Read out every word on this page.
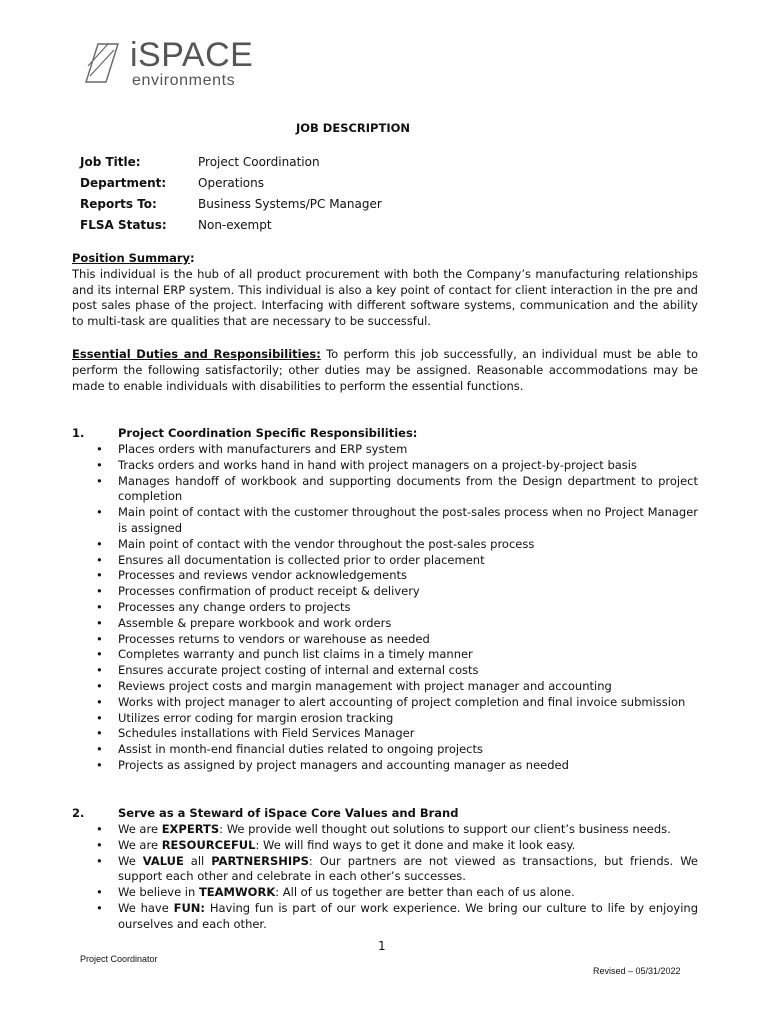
iSPACE
environments
JOB DESCRIPTION
Job Title:	Project Coordination
Department:	Operations
Reports To:	Business Systems/PC Manager
FLSA Status:	Non-exempt
Position Summary:
This individual is the hub of all product procurement with both the Company’s manufacturing relationships and its internal ERP system. This individual is also a key point of contact for client interaction in the pre and post sales phase of the project. Interfacing with different software systems, communication and the ability to multi-task are qualities that are necessary to be successful.
Essential Duties and Responsibilities: To perform this job successfully, an individual must be able to perform the following satisfactorily; other duties may be assigned. Reasonable accommodations may be made to enable individuals with disabilities to perform the essential functions.
1.	Project Coordination Specific Responsibilities:
• Places orders with manufacturers and ERP system
• Tracks orders and works hand in hand with project managers on a project-by-project basis
• Manages handoff of workbook and supporting documents from the Design department to project completion
• Main point of contact with the customer throughout the post-sales process when no Project Manager is assigned
• Main point of contact with the vendor throughout the post-sales process
• Ensures all documentation is collected prior to order placement
• Processes and reviews vendor acknowledgements
• Processes confirmation of product receipt & delivery
• Processes any change orders to projects
• Assemble & prepare workbook and work orders
• Processes returns to vendors or warehouse as needed
• Completes warranty and punch list claims in a timely manner
• Ensures accurate project costing of internal and external costs
• Reviews project costs and margin management with project manager and accounting
• Works with project manager to alert accounting of project completion and final invoice submission
• Utilizes error coding for margin erosion tracking
• Schedules installations with Field Services Manager
• Assist in month-end financial duties related to ongoing projects
• Projects as assigned by project managers and accounting manager as needed
2.	Serve as a Steward of iSpace Core Values and Brand
• We are EXPERTS: We provide well thought out solutions to support our client’s business needs.
• We are RESOURCEFUL: We will find ways to get it done and make it look easy.
• We VALUE all PARTNERSHIPS: Our partners are not viewed as transactions, but friends. We support each other and celebrate in each other’s successes.
• We believe in TEAMWORK: All of us together are better than each of us alone.
• We have FUN: Having fun is part of our work experience. We bring our culture to life by enjoying ourselves and each other.
1
Project Coordinator
Revised – 05/31/2022
